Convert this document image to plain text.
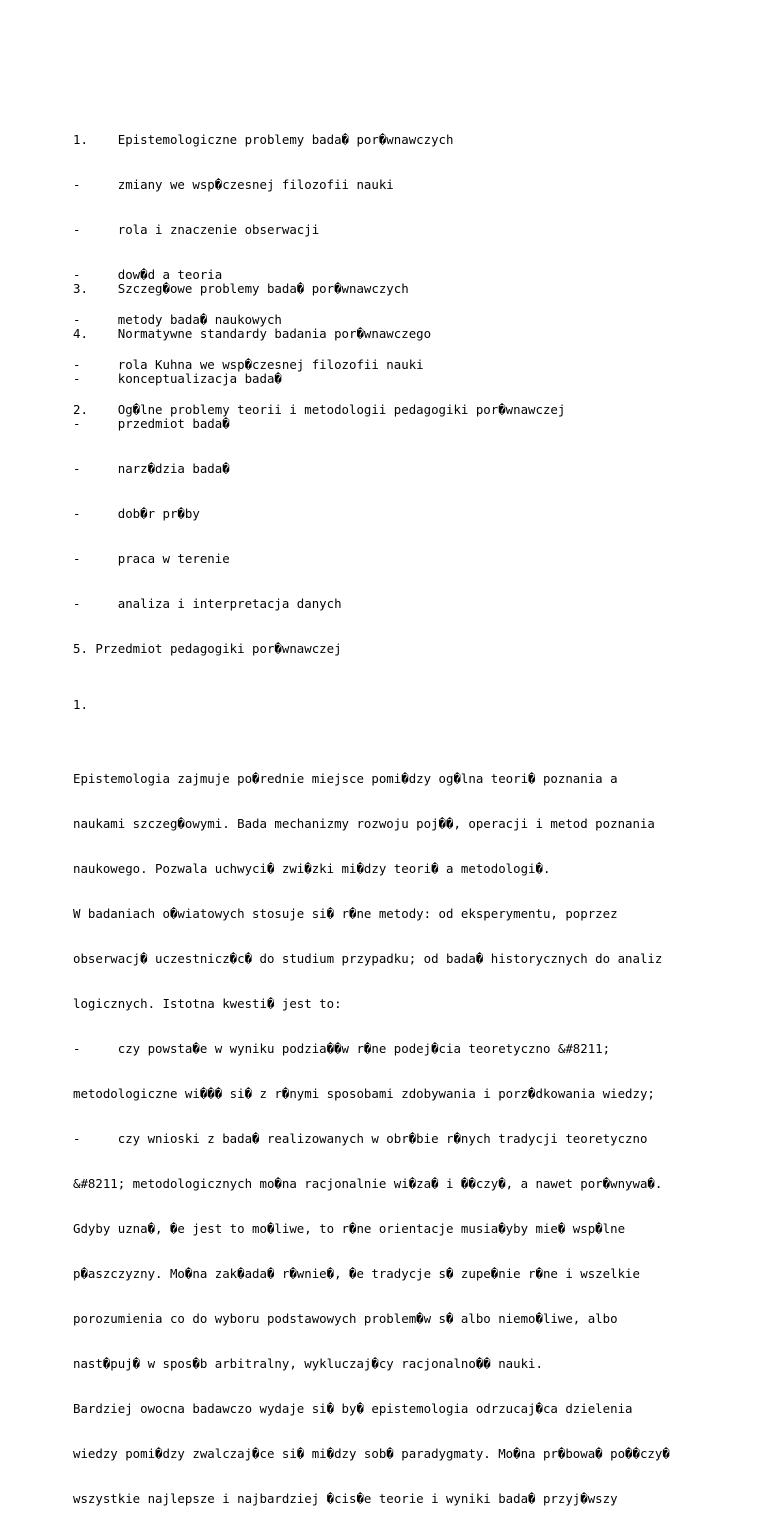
1.    Epistemologiczne problemy bada� por�wnawczych

-     zmiany we wsp�czesnej filozofii nauki

-     rola i znaczenie obserwacji

-     dow�d a teoria

-     metody bada� naukowych

-     rola Kuhna we wsp�czesnej filozofii nauki

2.    Og�lne problemy teorii i metodologii pedagogiki por�wnawczej

3.    Szczeg�owe problemy bada� por�wnawczych

4.    Normatywne standardy badania por�wnawczego

-     konceptualizacja bada�

-     przedmiot bada�

-     narz�dzia bada�

-     dob�r pr�by

-     praca w terenie

-     analiza i interpretacja danych

5. Przedmiot pedagogiki por�wnawczej

1.

Epistemologia zajmuje po�rednie miejsce pomi�dzy og�lna teori� poznania a

naukami szczeg�owymi. Bada mechanizmy rozwoju poj��, operacji i metod poznania

naukowego. Pozwala uchwyci� zwi�zki mi�dzy teori� a metodologi�.

W badaniach o�wiatowych stosuje si� r�ne metody: od eksperymentu, poprzez

obserwacj� uczestnicz�c� do studium przypadku; od bada� historycznych do analiz

logicznych. Istotna kwesti� jest to:

-     czy powsta�e w wyniku podzia��w r�ne podej�cia teoretyczno &#8211;

metodologiczne wi��� si� z r�nymi sposobami zdobywania i porz�dkowania wiedzy;

-     czy wnioski z bada� realizowanych w obr�bie r�nych tradycji teoretyczno

&#8211; metodologicznych mo�na racjonalnie wi�za� i ��czy�, a nawet por�wnywa�.

Gdyby uzna�, �e jest to mo�liwe, to r�ne orientacje musia�yby mie� wsp�lne

p�aszczyzny. Mo�na zak�ada� r�wnie�, �e tradycje s� zupe�nie r�ne i wszelkie

porozumienia co do wyboru podstawowych problem�w s� albo niemo�liwe, albo

nast�puj� w spos�b arbitralny, wykluczaj�cy racjonalno�� nauki.

Bardziej owocna badawczo wydaje si� by� epistemologia odrzucaj�ca dzielenia

wiedzy pomi�dzy zwalczaj�ce si� mi�dzy sob� paradygmaty. Mo�na pr�bowa� po��czy�

wszystkie najlepsze i najbardziej �cis�e teorie i wyniki bada� przyj�wszy
